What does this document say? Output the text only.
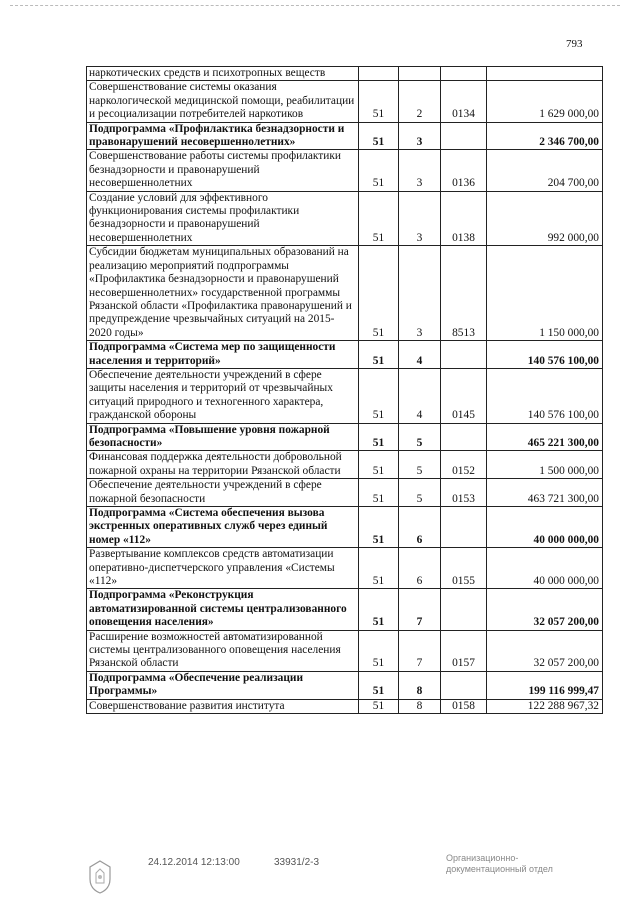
793
наркотических средств и психотропных веществ				
Совершенствование системы оказания наркологической медицинской помощи, реабилитации и ресоциализации потребителей наркотиков	51	2	0134	1 629 000,00
Подпрограмма «Профилактика безнадзорности и правонарушений несовершеннолетних»	51	3		2 346 700,00
Совершенствование работы системы профилактики безнадзорности и правонарушений несовершеннолетних	51	3	0136	204 700,00
Создание условий для эффективного функционирования системы профилактики безнадзорности и правонарушений несовершеннолетних	51	3	0138	992 000,00
Субсидии бюджетам муниципальных образований на реализацию мероприятий подпрограммы «Профилактика безнадзорности и правонарушений несовершеннолетних» государственной программы Рязанской области «Профилактика правонарушений и предупреждение чрезвычайных ситуаций на 2015-2020 годы»	51	3	8513	1 150 000,00
Подпрограмма «Система мер по защищенности населения и территорий»	51	4		140 576 100,00
Обеспечение деятельности учреждений в сфере защиты населения и территорий от чрезвычайных ситуаций природного и техногенного характера, гражданской обороны	51	4	0145	140 576 100,00
Подпрограмма «Повышение уровня пожарной безопасности»	51	5		465 221 300,00
Финансовая поддержка деятельности добровольной пожарной охраны на территории Рязанской области	51	5	0152	1 500 000,00
Обеспечение деятельности учреждений в сфере пожарной безопасности	51	5	0153	463 721 300,00
Подпрограмма «Система обеспечения вызова экстренных оперативных служб через единый номер «112»	51	6		40 000 000,00
Развертывание комплексов средств автоматизации оперативно-диспетчерского управления «Системы «112»	51	6	0155	40 000 000,00
Подпрограмма «Реконструкция автоматизированной системы централизованного оповещения населения»	51	7		32 057 200,00
Расширение возможностей автоматизированной системы централизованного оповещения населения Рязанской области	51	7	0157	32 057 200,00
Подпрограмма «Обеспечение реализации Программы»	51	8		199 116 999,47
Совершенствование развития института	51	8	0158	122 288 967,32
24.12.2014 12:13:00	33931/2-3	Организационно-
документационный отдел
